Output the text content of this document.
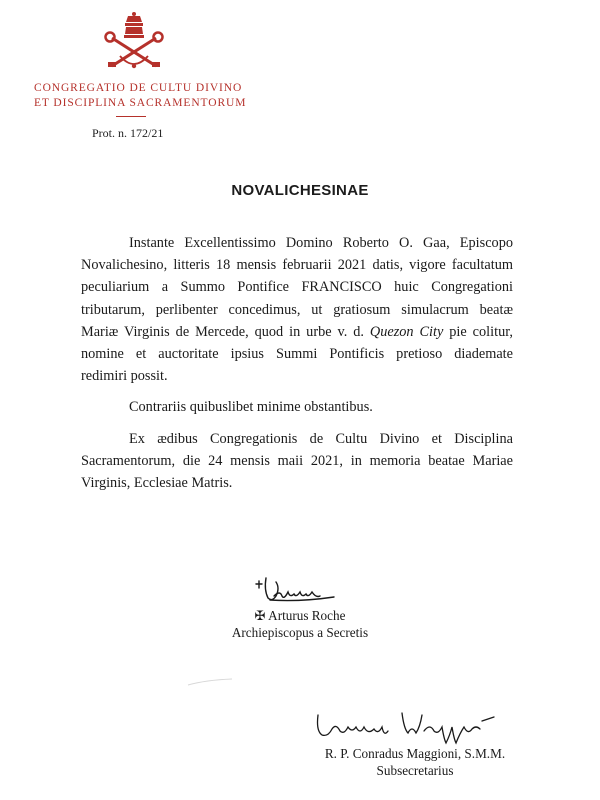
CONGREGATIO DE CULTU DIVINO
ET DISCIPLINA SACRAMENTORUM
Prot. n. 172/21
NOVALICHESINAE
Instante Excellentissimo Domino Roberto O. Gaa, Episcopo
Novalichesino, litteris 18 mensis februarii 2021 datis, vigore facultatum
peculiarium a Summo Pontifice FRANCISCO huic Congregationi
tributarum, perlibenter concedimus, ut gratiosum simulacrum beatæ
Mariæ Virginis de Mercede, quod in urbe v. d. Quezon City pie colitur,
nomine et auctoritate ipsius Summi Pontificis pretioso diademate
redimiri possit.
Contrariis quibuslibet minime obstantibus.
Ex ædibus Congregationis de Cultu Divino et Disciplina
Sacramentorum, die 24 mensis maii 2021, in memoria beatae Mariae
Virginis, Ecclesiae Matris.
✠ Arturus Roche
Archiepiscopus a Secretis
R. P. Conradus Maggioni, S.M.M.
Subsecretarius
